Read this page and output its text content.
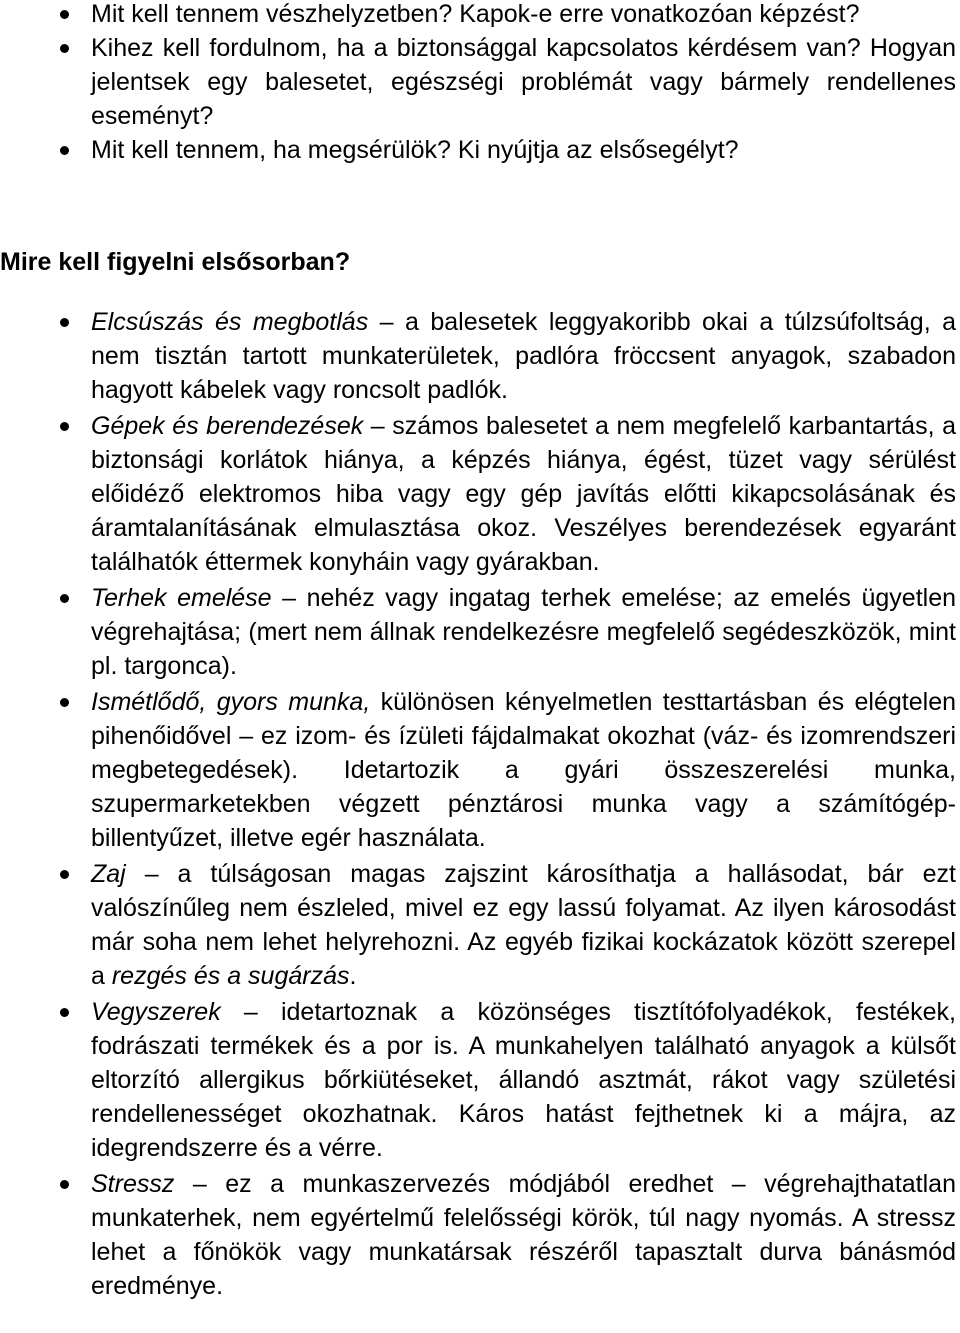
Mit kell tennem vészhelyzetben? Kapok-e erre vonatkozóan képzést?
Kihez kell fordulnom, ha a biztonsággal kapcsolatos kérdésem van? Hogyan jelentsek egy balesetet, egészségi problémát vagy bármely rendellenes eseményt?
Mit kell tennem, ha megsérülök? Ki nyújtja az elsősegélyt?
Mire kell figyelni elsősorban?
Elcsúszás és megbotlás – a balesetek leggyakoribb okai a túlzsúfoltság, a nem tisztán tartott munkaterületek, padlóra fröccsent anyagok, szabadon hagyott kábelek vagy roncsolt padlók.
Gépek és berendezések – számos balesetet a nem megfelelő karbantartás, a biztonsági korlátok hiánya, a képzés hiánya, égést, tüzet vagy sérülést előidéző elektromos hiba vagy egy gép javítás előtti kikapcsolásának és áramtalanításának elmulasztása okoz. Veszélyes berendezések egyaránt találhatók éttermek konyháin vagy gyárakban.
Terhek emelése – nehéz vagy ingatag terhek emelése; az emelés ügyetlen végrehajtása; (mert nem állnak rendelkezésre megfelelő segédeszközök, mint pl. targonca).
Ismétlődő, gyors munka, különösen kényelmetlen testtartásban és elégtelen pihenőidővel – ez izom- és ízületi fájdalmakat okozhat (váz- és izomrendszeri megbetegedések). Idetartozik a gyári összeszerelési munka, szupermarketekben végzett pénztárosi munka vagy a számítógép-billentyűzet, illetve egér használata.
Zaj – a túlságosan magas zajszint károsíthatja a hallásodat, bár ezt valószínűleg nem észleled, mivel ez egy lassú folyamat. Az ilyen károsodást már soha nem lehet helyrehozni. Az egyéb fizikai kockázatok között szerepel a rezgés és a sugárzás.
Vegyszerek – idetartoznak a közönséges tisztítófolyadékok, festékek, fodrászati termékek és a por is. A munkahelyen található anyagok a külsőt eltorzító allergikus bőrkiütéseket, állandó asztmát, rákot vagy születési rendellenességet okozhatnak. Káros hatást fejthetnek ki a májra, az idegrendszerre és a vérre.
Stressz – ez a munkaszervezés módjából eredhet – végrehajthatatlan munkaterhek, nem egyértelmű felelősségi körök, túl nagy nyomás. A stressz lehet a főnökök vagy munkatársak részéről tapasztalt durva bánásmód eredménye.
